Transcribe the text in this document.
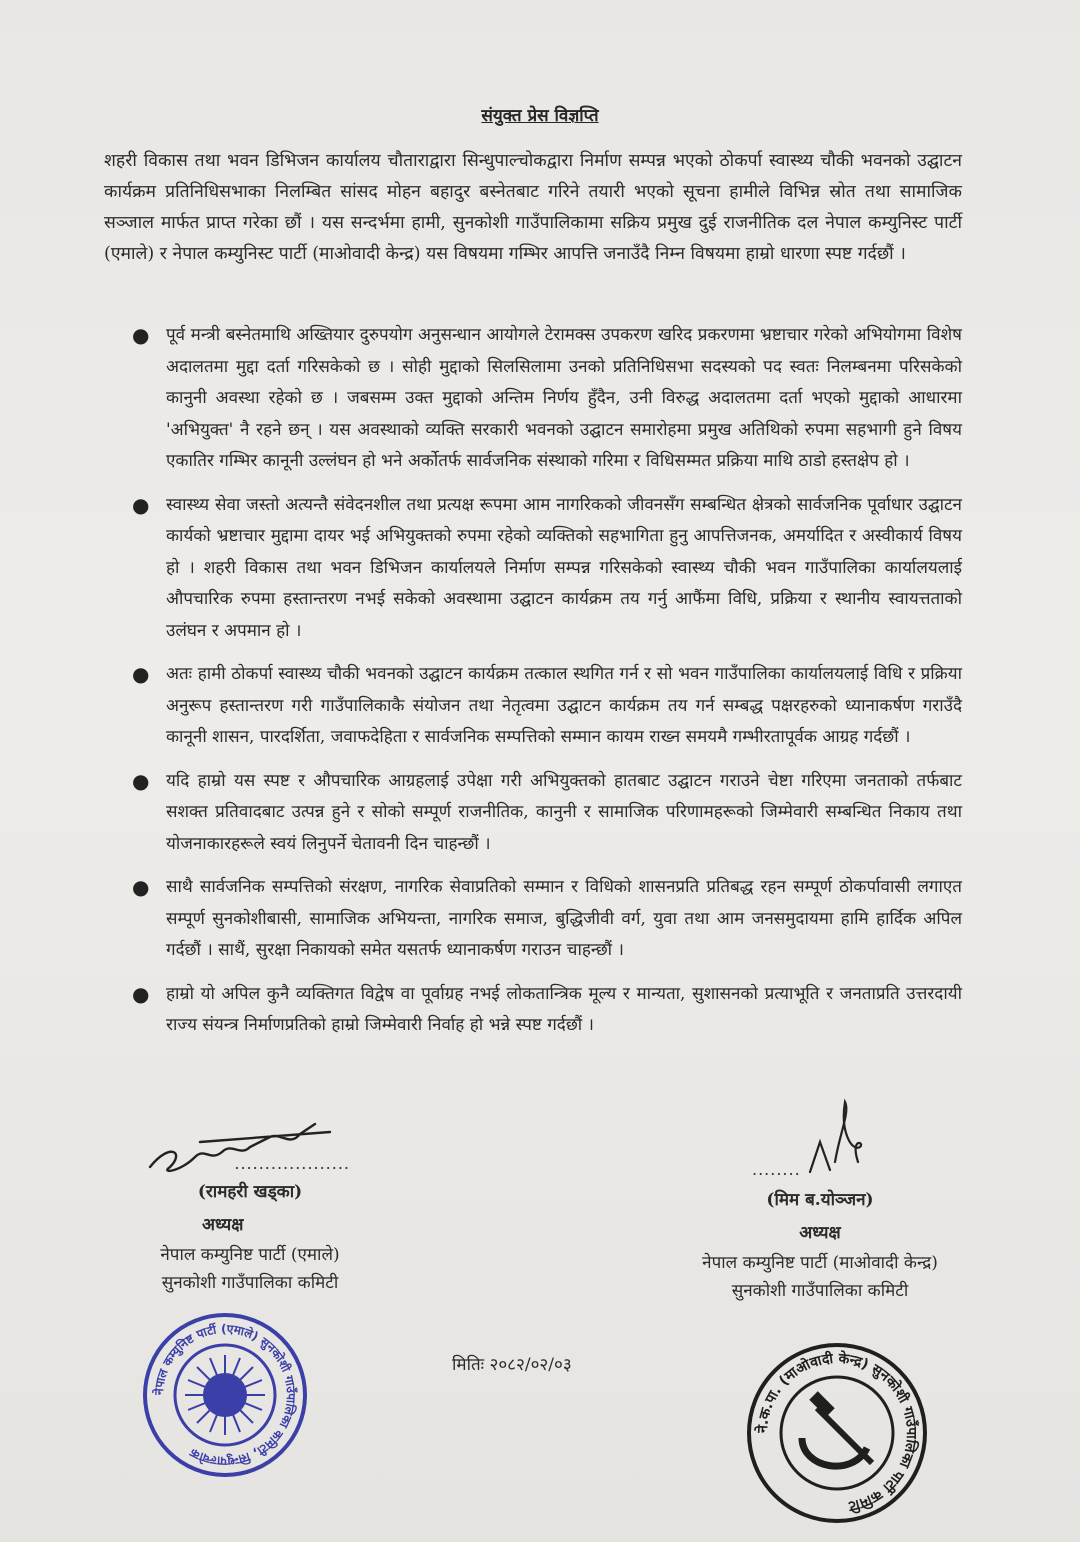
संयुक्त प्रेस विज्ञप्ति
शहरी विकास तथा भवन डिभिजन कार्यालय चौताराद्वारा सिन्धुपाल्चोकद्वारा निर्माण सम्पन्न भएको ठोकर्पा स्वास्थ्य चौकी भवनको उद्घाटन कार्यक्रम प्रतिनिधिसभाका निलम्बित सांसद मोहन बहादुर बस्नेतबाट गरिने तयारी भएको सूचना हामीले विभिन्न स्रोत तथा सामाजिक सञ्जाल मार्फत प्राप्त गरेका छौं । यस सन्दर्भमा हामी, सुनकोशी गाउँपालिकामा सक्रिय प्रमुख दुई राजनीतिक दल नेपाल कम्युनिस्ट पार्टी (एमाले) र नेपाल कम्युनिस्ट पार्टी (माओवादी केन्द्र) यस विषयमा गम्भिर आपत्ति जनाउँदै निम्न विषयमा हाम्रो धारणा स्पष्ट गर्दछौं ।
● पूर्व मन्त्री बस्नेतमाथि अख्तियार दुरुपयोग अनुसन्धान आयोगले टेरामक्स उपकरण खरिद प्रकरणमा भ्रष्टाचार गरेको अभियोगमा विशेष अदालतमा मुद्दा दर्ता गरिसकेको छ । सोही मुद्दाको सिलसिलामा उनको प्रतिनिधिसभा सदस्यको पद स्वतः निलम्बनमा परिसकेको कानुनी अवस्था रहेको छ । जबसम्म उक्त मुद्दाको अन्तिम निर्णय हुँदैन, उनी विरुद्ध अदालतमा दर्ता भएको मुद्दाको आधारमा 'अभियुक्त' नै रहने छन् । यस अवस्थाको व्यक्ति सरकारी भवनको उद्घाटन समारोहमा प्रमुख अतिथिको रुपमा सहभागी हुने विषय एकातिर गम्भिर कानूनी उल्लंघन हो भने अर्कोतर्फ सार्वजनिक संस्थाको गरिमा र विधिसम्मत प्रक्रिया माथि ठाडो हस्तक्षेप हो ।
● स्वास्थ्य सेवा जस्तो अत्यन्तै संवेदनशील तथा प्रत्यक्ष रूपमा आम नागरिकको जीवनसँग सम्बन्धित क्षेत्रको सार्वजनिक पूर्वाधार उद्घाटन कार्यको भ्रष्टाचार मुद्दामा दायर भई अभियुक्तको रुपमा रहेको व्यक्तिको सहभागिता हुनु आपत्तिजनक, अमर्यादित र अस्वीकार्य विषय हो । शहरी विकास तथा भवन डिभिजन कार्यालयले निर्माण सम्पन्न गरिसकेको स्वास्थ्य चौकी भवन गाउँपालिका कार्यालयलाई औपचारिक रुपमा हस्तान्तरण नभई सकेको अवस्थामा उद्घाटन कार्यक्रम तय गर्नु आफैंमा विधि, प्रक्रिया र स्थानीय स्वायत्तताको उलंघन र अपमान हो ।
● अतः हामी ठोकर्पा स्वास्थ्य चौकी भवनको उद्घाटन कार्यक्रम तत्काल स्थगित गर्न र सो भवन गाउँपालिका कार्यालयलाई विधि र प्रक्रिया अनुरूप हस्तान्तरण गरी गाउँपालिकाकै संयोजन तथा नेतृत्वमा उद्घाटन कार्यक्रम तय गर्न सम्बद्ध पक्षरहरुको ध्यानाकर्षण गराउँदै कानूनी शासन, पारदर्शिता, जवाफदेहिता र सार्वजनिक सम्पत्तिको सम्मान कायम राख्न समयमै गम्भीरतापूर्वक आग्रह गर्दछौं ।
● यदि हाम्रो यस स्पष्ट र औपचारिक आग्रहलाई उपेक्षा गरी अभियुक्तको हातबाट उद्घाटन गराउने चेष्टा गरिएमा जनताको तर्फबाट सशक्त प्रतिवादबाट उत्पन्न हुने र सोको सम्पूर्ण राजनीतिक, कानुनी र सामाजिक परिणामहरूको जिम्मेवारी सम्बन्धित निकाय तथा योजनाकारहरूले स्वयं लिनुपर्ने चेतावनी दिन चाहन्छौं ।
● साथै सार्वजनिक सम्पत्तिको संरक्षण, नागरिक सेवाप्रतिको सम्मान र विधिको शासनप्रति प्रतिबद्ध रहन सम्पूर्ण ठोकर्पावासी लगाएत सम्पूर्ण सुनकोशीबासी, सामाजिक अभियन्ता, नागरिक समाज, बुद्धिजीवी वर्ग, युवा तथा आम जनसमुदायमा हामि हार्दिक अपिल गर्दछौं । साथैं, सुरक्षा निकायको समेत यसतर्फ ध्यानाकर्षण गराउन चाहन्छौं ।
● हाम्रो यो अपिल कुनै व्यक्तिगत विद्वेष वा पूर्वाग्रह नभई लोकतान्त्रिक मूल्य र मान्यता, सुशासनको प्रत्याभूति र जनताप्रति उत्तरदायी राज्य संयन्त्र निर्माणप्रतिको हाम्रो जिम्मेवारी निर्वाह हो भन्ने स्पष्ट गर्दछौं ।
...................
(रामहरी खड्का)
अध्यक्ष
नेपाल कम्युनिष्ट पार्टी (एमाले)
सुनकोशी गाउँपालिका कमिटी
नेपाल कम्युनिष्ट पार्टी (एमाले) सुनकोशी गाउँपालिका कमिटी, सिन्धुपाल्चोक
मितिः २०८२/०२/०३
........
(मिम ब.योञ्जन)
अध्यक्ष
नेपाल कम्युनिष्ट पार्टी (माओवादी केन्द्र)
सुनकोशी गाउँपालिका कमिटी
ने.क.पा. (माओवादी केन्द्र) सुनकोशी गाउँपालिका पार्टी कमिटि
